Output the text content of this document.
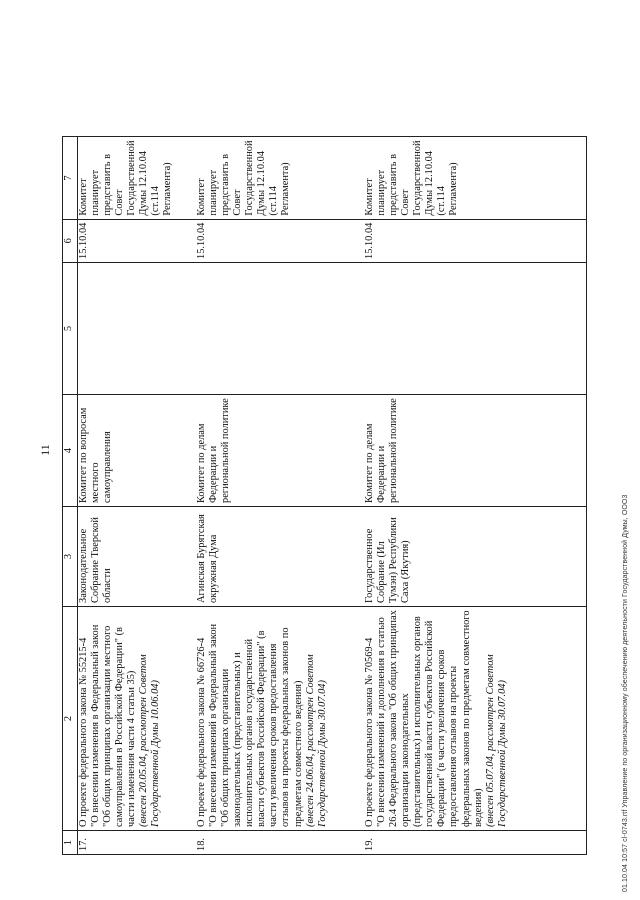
11
1	2	3	4	5	6	7
17.	О проекте федерального закона № 55215-4 "О внесении изменения в Федеральный закон "Об общих принципах организации местного самоуправления в Российской Федерации" (в части изменения части 4 статьи 35) (внесен 20.05.04, рассмотрен Советом Государственной Думы 10.06.04)	Законодательное Собрание Тверской области	Комитет по вопросам местного самоуправления		15.10.04	Комитет планирует представить в Совет Государственной Думы 12.10.04 (ст.114 Регламента)
18.	О проекте федерального закона № 66726-4 "О внесении изменений в Федеральный закон "Об общих принципах организации законодательных (представительных) и исполнительных органов государственной власти субъектов Российской Федерации" (в части увеличения сроков предоставления отзывов на проекты федеральных законов по предметам совместного ведения) (внесен 24.06.04, рассмотрен Советом Государственной Думы 30.07.04)	Агинская Бурятская окружная Дума	Комитет по делам Федерации и региональной политике		15.10.04	Комитет планирует представить в Совет Государственной Думы 12.10.04 (ст.114 Регламента)
19.	О проекте федерального закона № 70569-4 "О внесении изменений и дополнения в статью 26.4 Федерального закона "Об общих принципах организации законодательных (представительных) и исполнительных органов государственной власти субъектов Российской Федерации" (в части увеличения сроков предоставления отзывов на проекты федеральных законов по предметам совместного ведения) (внесен 05.07.04, рассмотрен Советом Государственной Думы 30.07.04)	Государственное Собрание (Ил Тумэн) Республики Саха (Якутия)	Комитет по делам Федерации и региональной политике		15.10.04	Комитет планирует представить в Совет Государственной Думы 12.10.04 (ст.114 Регламента)
01.10.04 10:57 сl-0743.rtf Управление по организационному обеспечению деятельности Государственной Думы, ООО3
